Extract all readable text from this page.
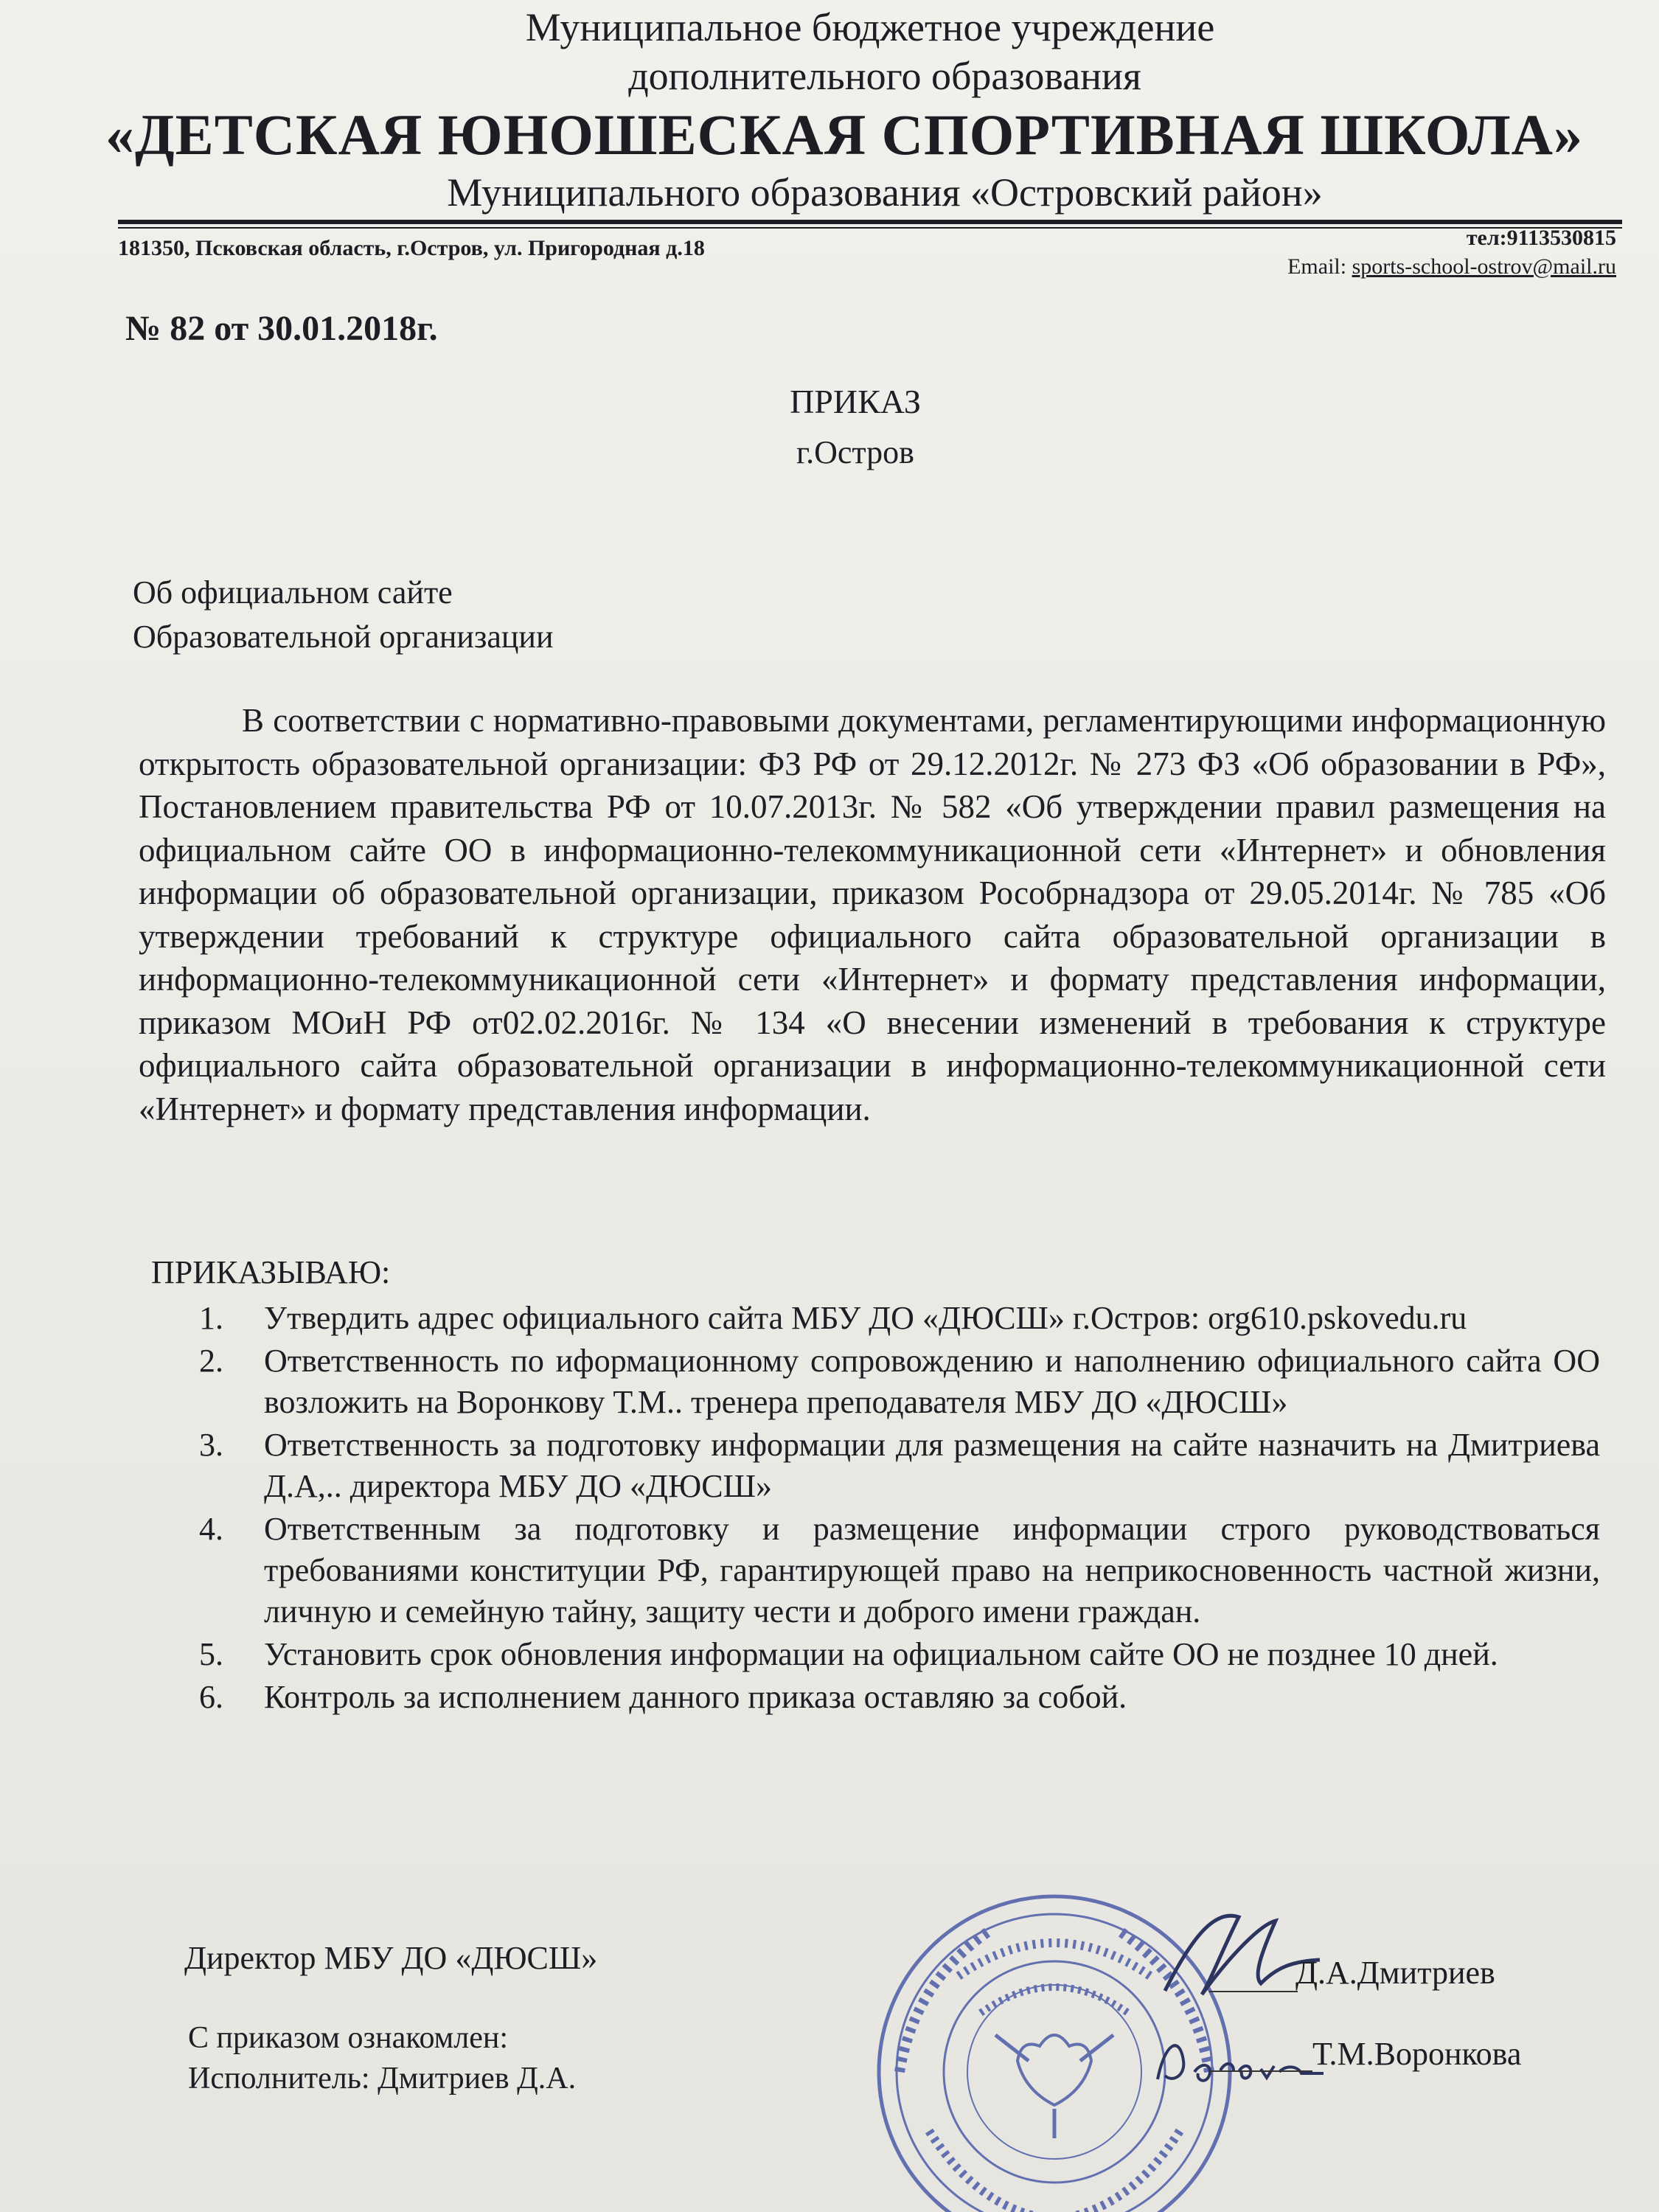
Муниципальное бюджетное учреждение
дополнительного образования
«ДЕТСКАЯ ЮНОШЕСКАЯ СПОРТИВНАЯ ШКОЛА»
Муниципального образования «Островский район»
181350, Псковская область, г.Остров, ул. Пригородная д.18	тел:9113530815
Email: sports-school-ostrov@mail.ru
№ 82 от 30.01.2018г.
ПРИКАЗ
г.Остров
Об официальном сайте
Образовательной организации
В соответствии с нормативно-правовыми документами, регламентирующими информационную открытость образовательной организации: ФЗ РФ от 29.12.2012г. № 273 ФЗ «Об образовании в РФ», Постановлением правительства РФ от 10.07.2013г. № 582 «Об утверждении правил размещения на официальном сайте ОО в информационно-телекоммуникационной сети «Интернет» и обновления информации об образовательной организации, приказом Рособрнадзора от 29.05.2014г. № 785 «Об утверждении требований к структуре официального сайта образовательной организации в информационно-телекоммуникационной сети «Интернет» и формату представления информации, приказом МОиН РФ от02.02.2016г. № 134 «О внесении изменений в требования к структуре официального сайта образовательной организации в информационно-телекоммуникационной сети «Интернет» и формату представления информации.
ПРИКАЗЫВАЮ:
1. Утвердить адрес официального сайта МБУ ДО «ДЮСШ» г.Остров: org610.pskovedu.ru
2. Ответственность по иформационному сопровождению и наполнению официального сайта ОО возложить на Воронкову Т.М.. тренера преподавателя МБУ ДО «ДЮСШ»
3. Ответственность за подготовку информации для размещения на сайте назначить на Дмитриева Д.А,.. директора МБУ ДО «ДЮСШ»
4. Ответственным за подготовку и размещение информации строго руководствоваться требованиями конституции РФ, гарантирующей право на неприкосновенность частной жизни, личную и семейную тайну, защиту чести и доброго имени граждан.
5. Установить срок обновления информации на официальном сайте ОО не позднее 10 дней.
6. Контроль за исполнением данного приказа оставляю за собой.
Директор МБУ ДО «ДЮСШ»
С приказом ознакомлен:
Исполнитель: Дмитриев Д.А.
Д.А.Дмитриев
Т.М.Воронкова
